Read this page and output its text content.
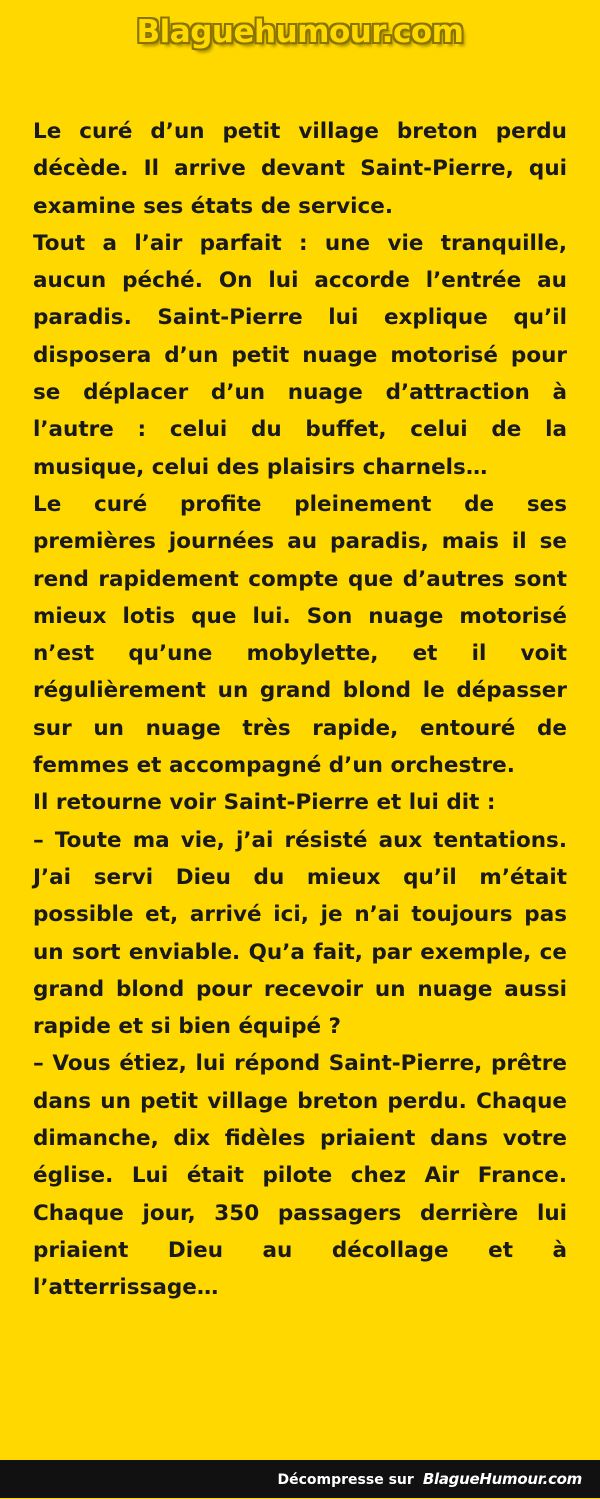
Blaguehumour.com

Le curé d’un petit village breton perdu décède. Il arrive devant Saint-Pierre, qui examine ses états de service.

Tout a l’air parfait : une vie tranquille, aucun péché. On lui accorde l’entrée au paradis. Saint-Pierre lui explique qu’il disposera d’un petit nuage motorisé pour se déplacer d’un nuage d’attraction à l’autre : celui du buffet, celui de la musique, celui des plaisirs charnels…

Le curé profite pleinement de ses premières journées au paradis, mais il se rend rapidement compte que d’autres sont mieux lotis que lui. Son nuage motorisé n’est qu’une mobylette, et il voit régulièrement un grand blond le dépasser sur un nuage très rapide, entouré de femmes et accompagné d’un orchestre.

Il retourne voir Saint-Pierre et lui dit :

– Toute ma vie, j’ai résisté aux tentations. J’ai servi Dieu du mieux qu’il m’était possible et, arrivé ici, je n’ai toujours pas un sort enviable. Qu’a fait, par exemple, ce grand blond pour recevoir un nuage aussi rapide et si bien équipé ?

– Vous étiez, lui répond Saint-Pierre, prêtre dans un petit village breton perdu. Chaque dimanche, dix fidèles priaient dans votre église. Lui était pilote chez Air France. Chaque jour, 350 passagers derrière lui priaient Dieu au décollage et à l’atterrissage…

Décompresse sur BlagueHumour.com
